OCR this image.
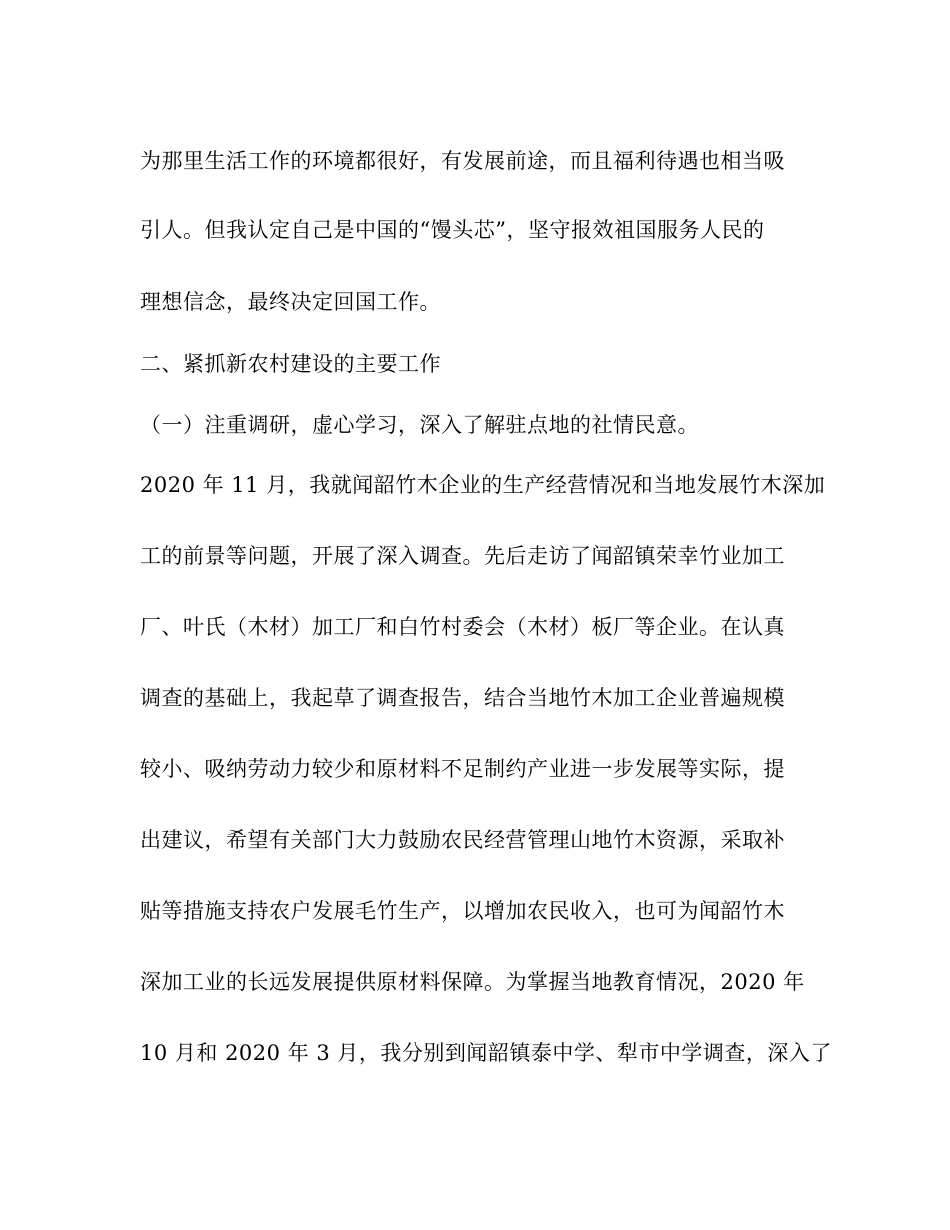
为那里生活工作的环境都很好，有发展前途，而且福利待遇也相当吸
引人。但我认定自己是中国的“馒头芯”，坚守报效祖国服务人民的
理想信念，最终决定回国工作。
二、紧抓新农村建设的主要工作
（一）注重调研，虚心学习，深入了解驻点地的社情民意。
2020 年 11 月，我就闻韶竹木企业的生产经营情况和当地发展竹木深加
工的前景等问题，开展了深入调查。先后走访了闻韶镇荣幸竹业加工
厂、叶氏（木材）加工厂和白竹村委会（木材）板厂等企业。在认真
调查的基础上，我起草了调查报告，结合当地竹木加工企业普遍规模
较小、吸纳劳动力较少和原材料不足制约产业进一步发展等实际，提
出建议，希望有关部门大力鼓励农民经营管理山地竹木资源，采取补
贴等措施支持农户发展毛竹生产，以增加农民收入，也可为闻韶竹木
深加工业的长远发展提供原材料保障。为掌握当地教育情况，2020 年
10 月和 2020 年 3 月，我分别到闻韶镇泰中学、犁市中学调查，深入了
